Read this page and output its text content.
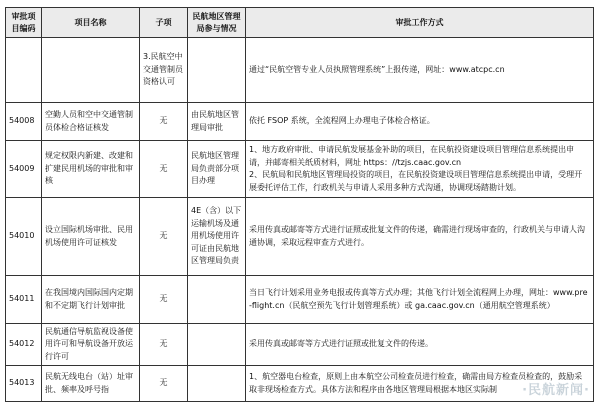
审批项目编码	项目名称	子项	民航地区管理局参与情况	审批工作方式
		3.民航空中交通管制员资格认可		通过“民航空管专业人员执照管理系统”上报传递，网址：www.atcpc.cn
54008	空勤人员和空中交通管制员体检合格证核发	无	由民航地区管理局审批	依托 FSOP 系统，全流程网上办理电子体检合格证。
54009	规定权限内新建、改建和扩建民用机场的审批和审核	无	民航地区管理局负责部分项目办理	1、地方政府审批、申请民航发展基金补助的项目，在民航投资建设项目管理信息系统提出申请，并邮寄相关纸质材料，网址 https：//tzjs.caac.gov.cn
2、民航局和民航地区管理局投资的项目，在民航投资建设项目管理信息系统提出申请，受理开展委托评估工作，行政机关与申请人采用多种方式沟通，协调现场踏勘计划。
54010	设立国际机场审批、民用机场使用许可证核发	无	4E（含）以下运输机场及通用机场使用许可证由民航地区管理局负责	采用传真或邮寄等方式进行证照或批复文件的传递，确需进行现场审查的，行政机关与申请人沟通协调，采取远程审查方式进行。
54011	在我国境内国际国内定期和不定期飞行计划审批	无		当日飞行计划采用业务电报或传真等方式办理；其他飞行计划全流程网上办理，网址：www.pre-flight.cn（民航空预先飞行计划管理系统）或 ga.caac.gov.cn（通用航空管理系统）
54012	民航通信导航监视设备使用许可和导航设备开放运行许可	无		采用传真或邮寄等方式进行证照或批复文件的传递。
54013	民航无线电台（站）址审批、频率及呼号指	无		1、航空器电台检查，原则上由本航空公司检查员进行检查，确需由局方检查员检查的，鼓励采取非现场检查方式。具体方法和程序由各地区管理局根据本地区实际制 ·民航新闻·
